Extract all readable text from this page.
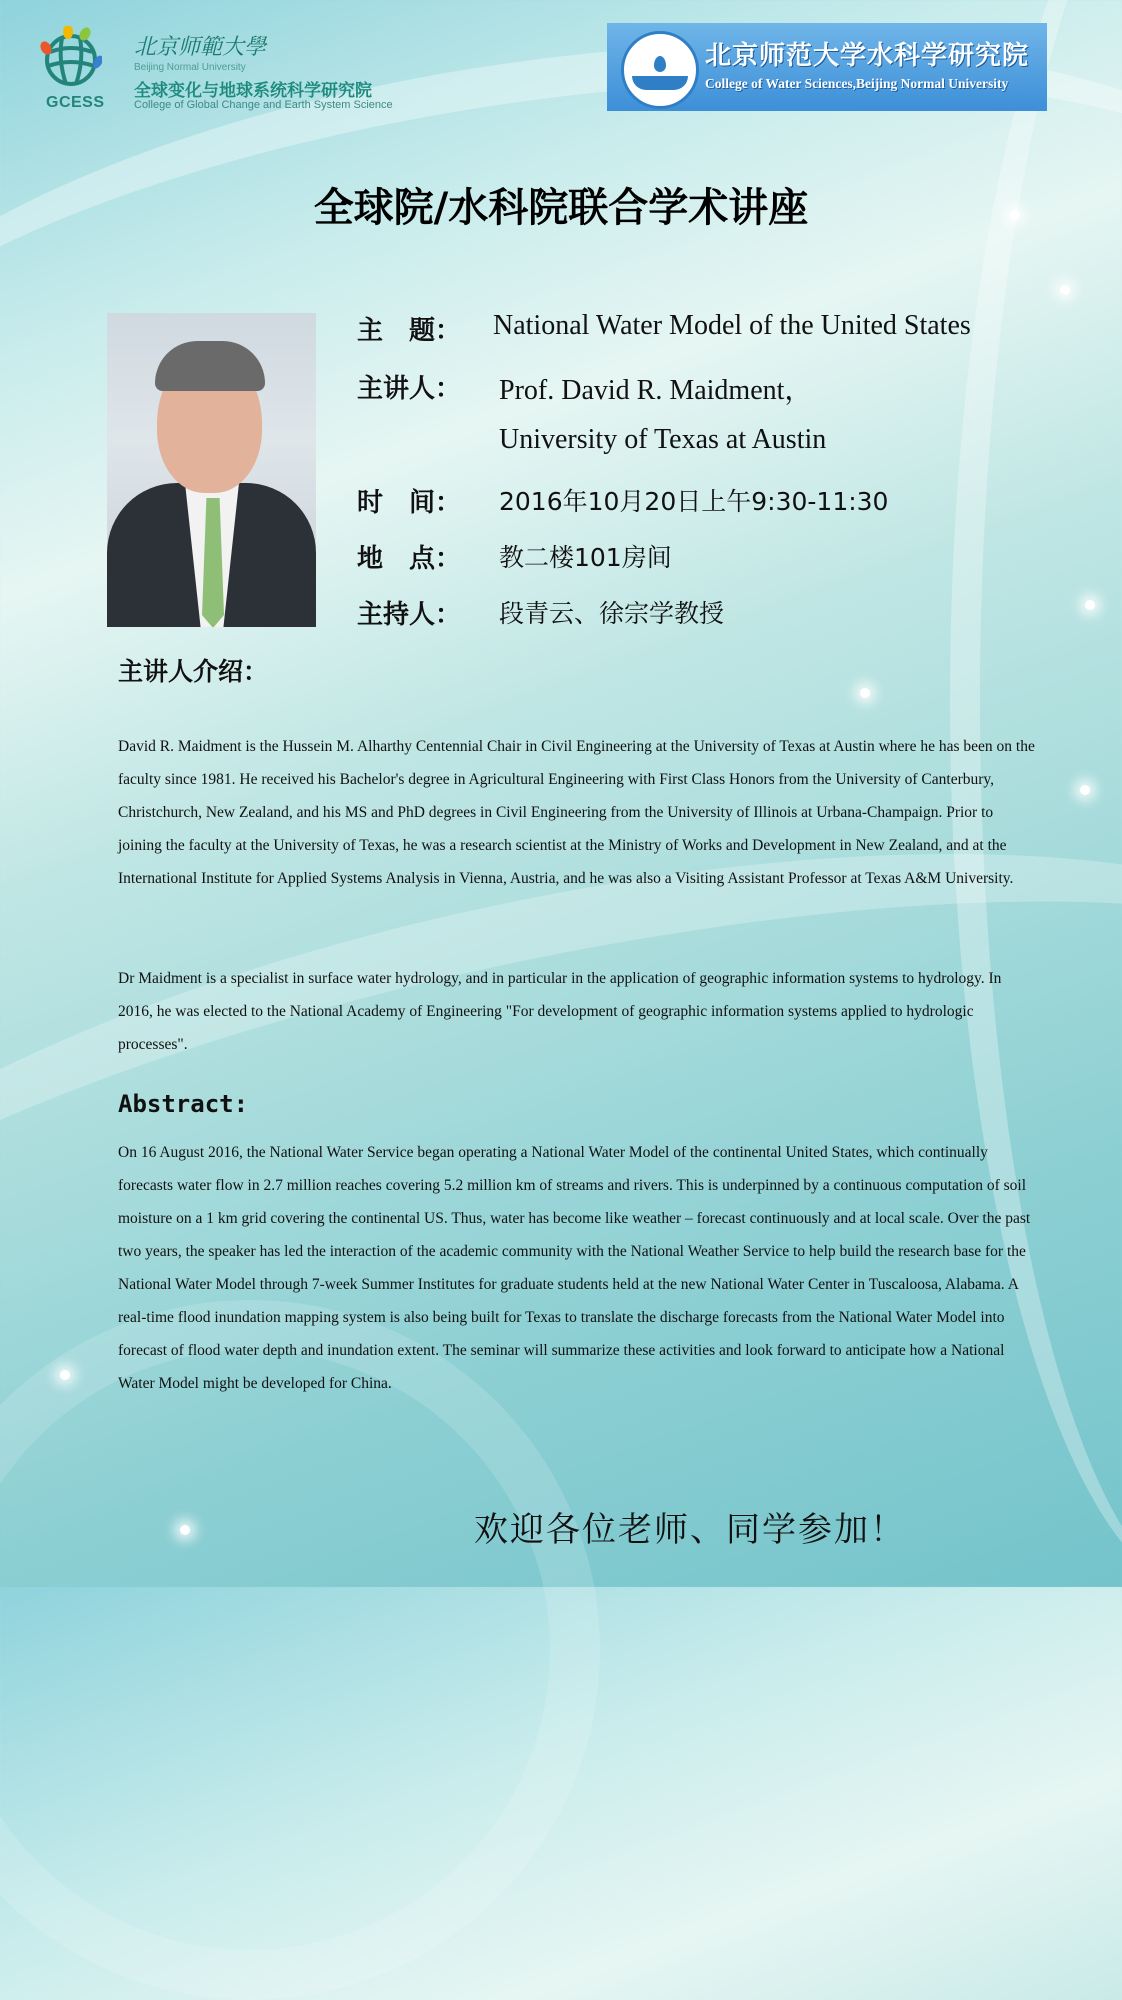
GCESS
北京师範大學
Beijing Normal University
全球变化与地球系统科学研究院
College of Global Change and Earth System Science
北京师范大学水科学研究院
College of Water Sciences,Beijing Normal University
全球院/水科院联合学术讲座
主　题： National Water Model of the United States
主讲人： Prof. David R. Maidment，
University of Texas at Austin
时　间： 2016年10月20日上午9:30-11:30
地　点： 教二楼101房间
主持人： 段青云、徐宗学教授
主讲人介绍：

David R. Maidment is the Hussein M. Alharthy Centennial Chair in Civil Engineering at the University of Texas at Austin where he has been on the faculty since 1981. He received his Bachelor's degree in Agricultural Engineering with First Class Honors from the University of Canterbury, Christchurch, New Zealand, and his MS and PhD degrees in Civil Engineering from the University of Illinois at Urbana-Champaign. Prior to joining the faculty at the University of Texas, he was a research scientist at the Ministry of Works and Development in New Zealand, and at the International Institute for Applied Systems Analysis in Vienna, Austria, and he was also a Visiting Assistant Professor at Texas A&M University.

Dr Maidment is a specialist in surface water hydrology, and in particular in the application of geographic information systems to hydrology. In 2016, he was elected to the National Academy of Engineering "For development of geographic information systems applied to hydrologic processes".

Abstract:

On 16 August 2016, the National Water Service began operating a National Water Model of the continental United States, which continually forecasts water flow in 2.7 million reaches covering 5.2 million km of streams and rivers. This is underpinned by a continuous computation of soil moisture on a 1 km grid covering the continental US. Thus, water has become like weather – forecast continuously and at local scale. Over the past two years, the speaker has led the interaction of the academic community with the National Weather Service to help build the research base for the National Water Model through 7-week Summer Institutes for graduate students held at the new National Water Center in Tuscaloosa, Alabama. A real-time flood inundation mapping system is also being built for Texas to translate the discharge forecasts from the National Water Model into forecast of flood water depth and inundation extent. The seminar will summarize these activities and look forward to anticipate how a National Water Model might be developed for China.

欢迎各位老师、同学参加！
